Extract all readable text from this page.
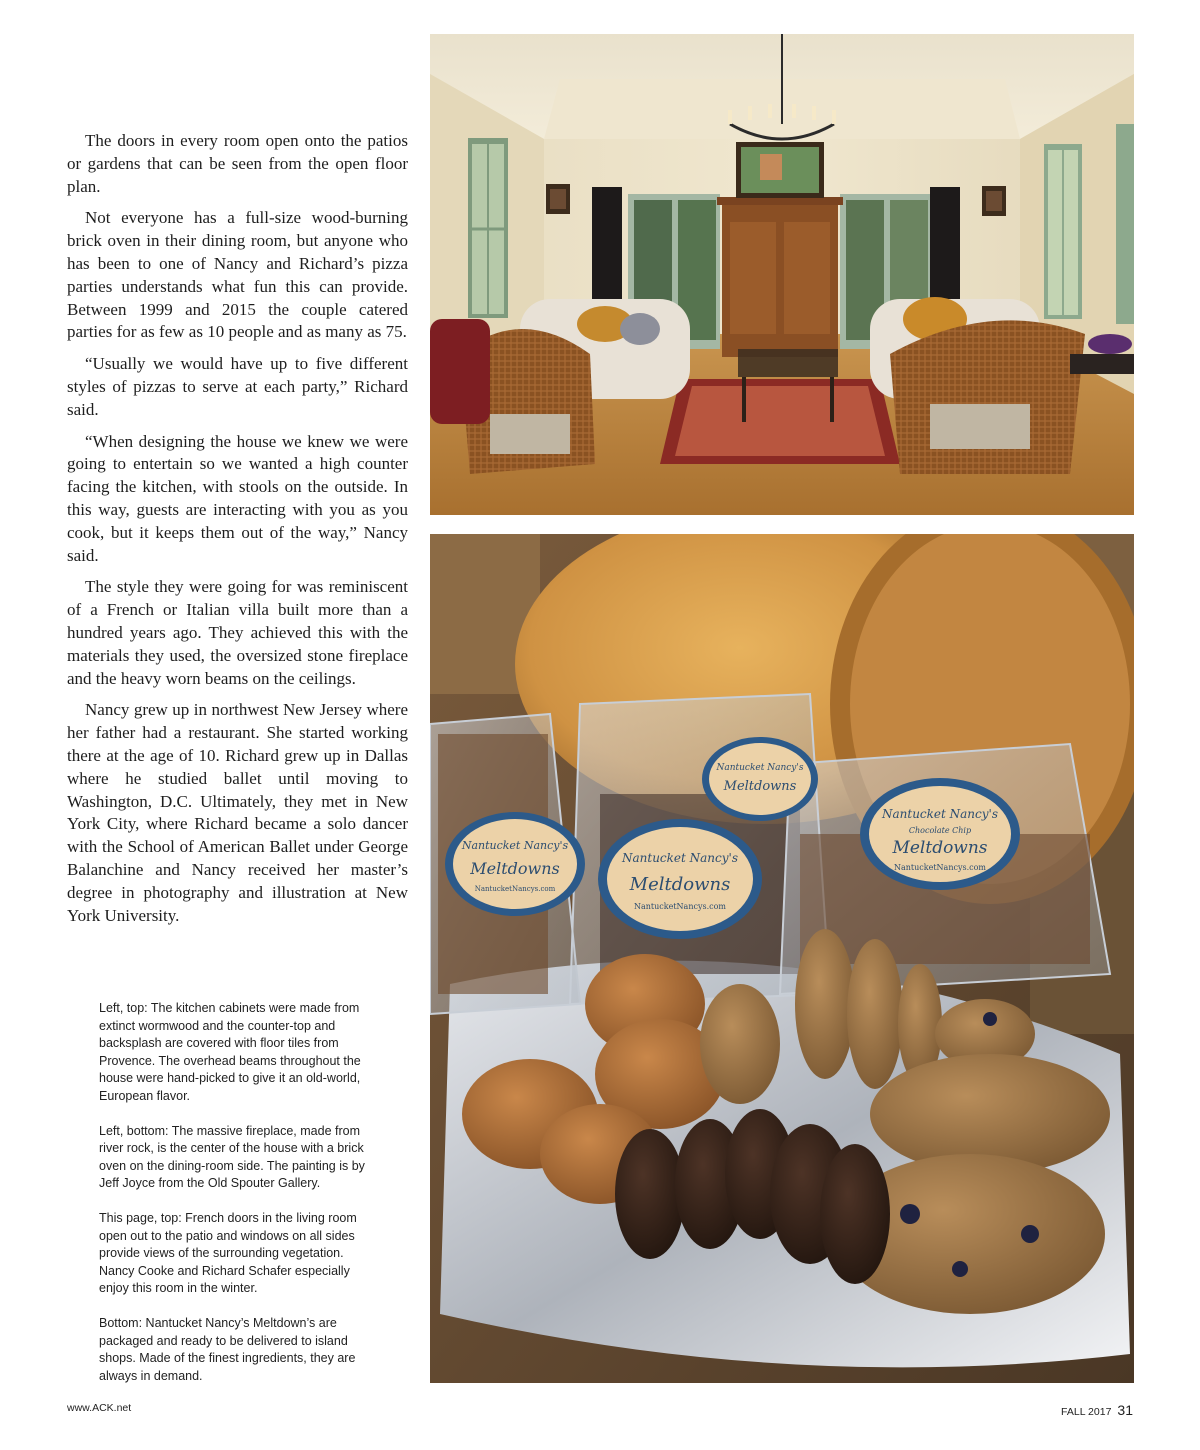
The doors in every room open onto the patios or gardens that can be seen from the open floor plan.

Not everyone has a full-size wood-burning brick oven in their dining room, but anyone who has been to one of Nancy and Richard’s pizza parties understands what fun this can provide. Between 1999 and 2015 the couple catered parties for as few as 10 people and as many as 75.

“Usually we would have up to five different styles of pizzas to serve at each party,” Richard said.

“When designing the house we knew we were going to entertain so we wanted a high counter facing the kitchen, with stools on the outside. In this way, guests are interacting with you as you cook, but it keeps them out of the way,” Nancy said.

The style they were going for was reminiscent of a French or Italian villa built more than a hundred years ago. They achieved this with the materials they used, the oversized stone fireplace and the heavy worn beams on the ceilings.

Nancy grew up in northwest New Jersey where her father had a restaurant. She started working there at the age of 10. Richard grew up in Dallas where he studied ballet until moving to Washington, D.C. Ultimately, they met in New York City, where Richard became a solo dancer with the School of American Ballet under George Balanchine and Nancy received her master’s degree in photography and illustration at New York University.

Left, top: The kitchen cabinets were made from extinct wormwood and the counter-top and backsplash are covered with floor tiles from Provence. The overhead beams throughout the house were hand-picked to give it an old-world, European flavor.

Left, bottom: The massive fireplace, made from river rock, is the center of the house with a brick oven on the dining-room side. The painting is by Jeff Joyce from the Old Spouter Gallery.

This page, top: French doors in the living room open out to the patio and windows on all sides provide views of the surrounding vegetation. Nancy Cooke and Richard Schafer especially enjoy this room in the winter.

Bottom: Nantucket Nancy’s Meltdown’s are packaged and ready to be delivered to island shops. Made of the finest ingredients, they are always in demand.

Nantucket Nancy's
Meltdowns
NantucketNancys.com
Nantucket Nancy's
Meltdowns
NantucketNancys.com
Nantucket Nancy's
Meltdowns
Nantucket Nancy's
Chocolate Chip
Meltdowns
NantucketNancys.com
www.ACK.net	FALL 2017 31
